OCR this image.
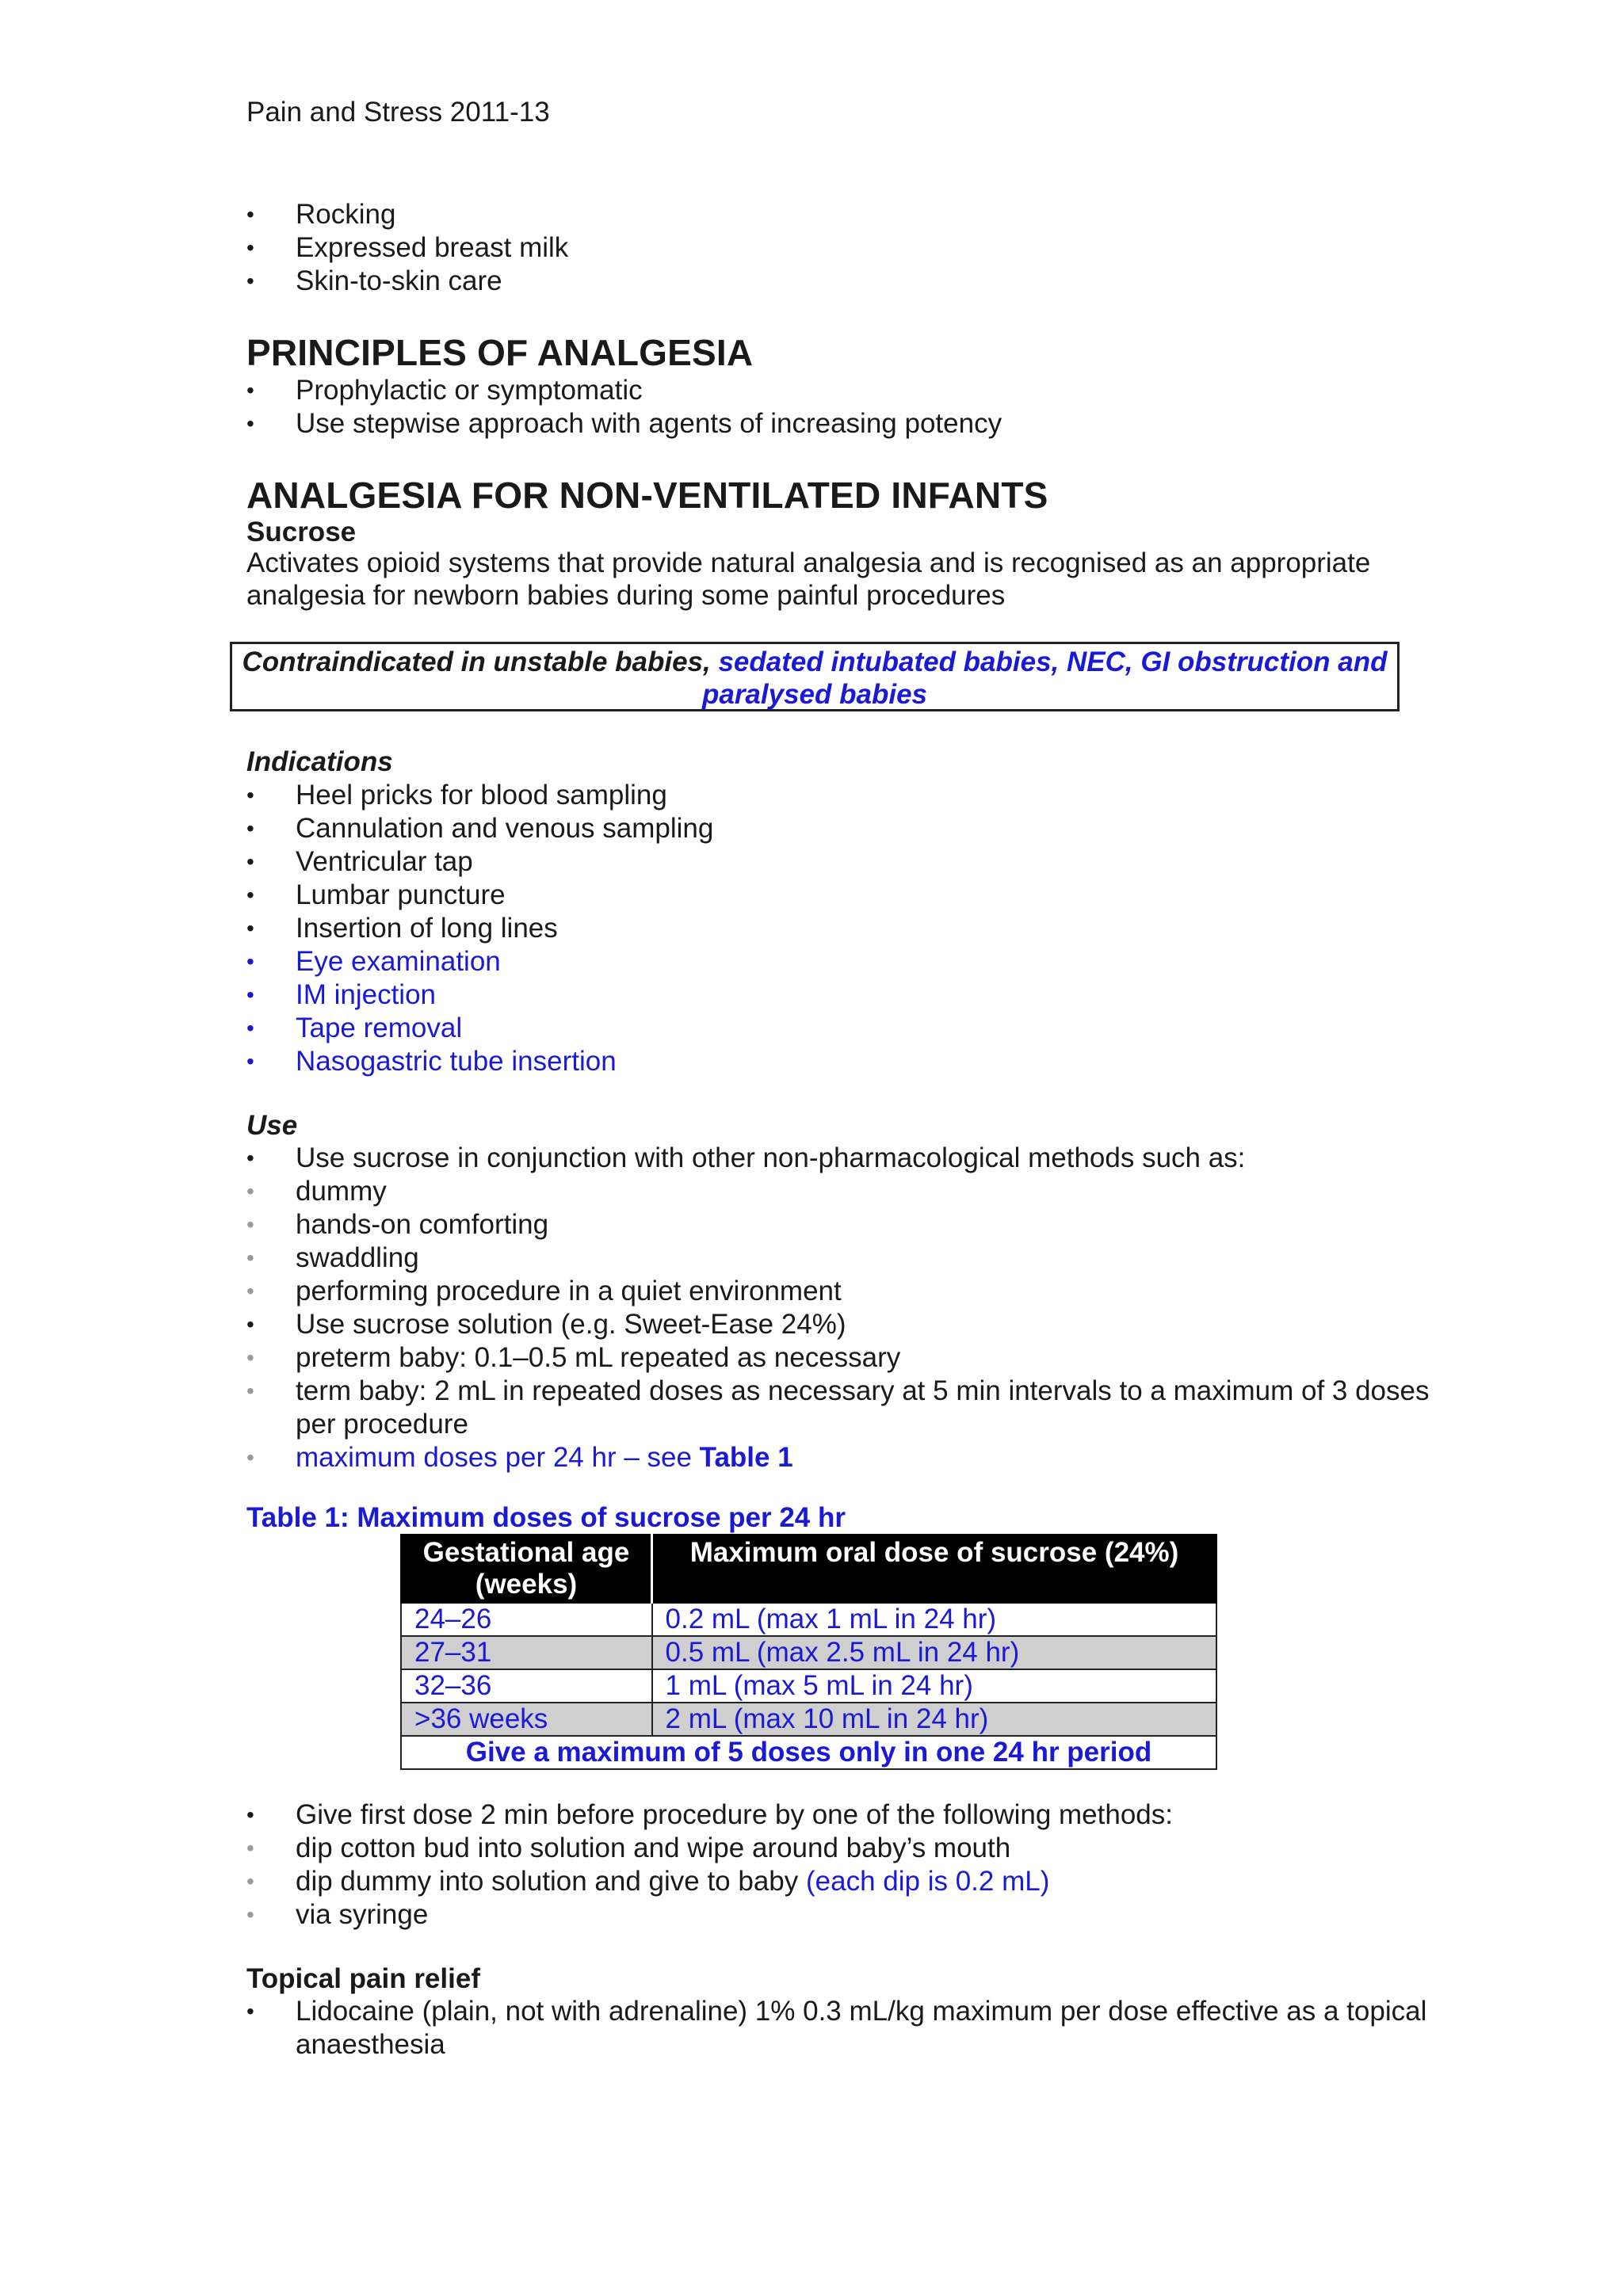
Pain and Stress 2011-13
• Rocking
• Expressed breast milk
• Skin-to-skin care
PRINCIPLES OF ANALGESIA
• Prophylactic or symptomatic
• Use stepwise approach with agents of increasing potency
ANALGESIA FOR NON-VENTILATED INFANTS
Sucrose
Activates opioid systems that provide natural analgesia and is recognised as an appropriate analgesia for newborn babies during some painful procedures
Contraindicated in unstable babies, sedated intubated babies, NEC, GI obstruction and paralysed babies
Indications
• Heel pricks for blood sampling
• Cannulation and venous sampling
• Ventricular tap
• Lumbar puncture
• Insertion of long lines
• Eye examination
• IM injection
• Tape removal
• Nasogastric tube insertion
Use
• Use sucrose in conjunction with other non-pharmacological methods such as:
• dummy
• hands-on comforting
• swaddling
• performing procedure in a quiet environment
• Use sucrose solution (e.g. Sweet-Ease 24%)
• preterm baby: 0.1–0.5 mL repeated as necessary
• term baby: 2 mL in repeated doses as necessary at 5 min intervals to a maximum of 3 doses per procedure
• maximum doses per 24 hr – see Table 1
Table 1: Maximum doses of sucrose per 24 hr
Gestational age (weeks)	Maximum oral dose of sucrose (24%)
24–26	0.2 mL (max 1 mL in 24 hr)
27–31	0.5 mL (max 2.5 mL in 24 hr)
32–36	1 mL (max 5 mL in 24 hr)
>36 weeks	2 mL (max 10 mL in 24 hr)
Give a maximum of 5 doses only in one 24 hr period	
• Give first dose 2 min before procedure by one of the following methods:
• dip cotton bud into solution and wipe around baby’s mouth
• dip dummy into solution and give to baby (each dip is 0.2 mL)
• via syringe
Topical pain relief
• Lidocaine (plain, not with adrenaline) 1% 0.3 mL/kg maximum per dose effective as a topical anaesthesia
